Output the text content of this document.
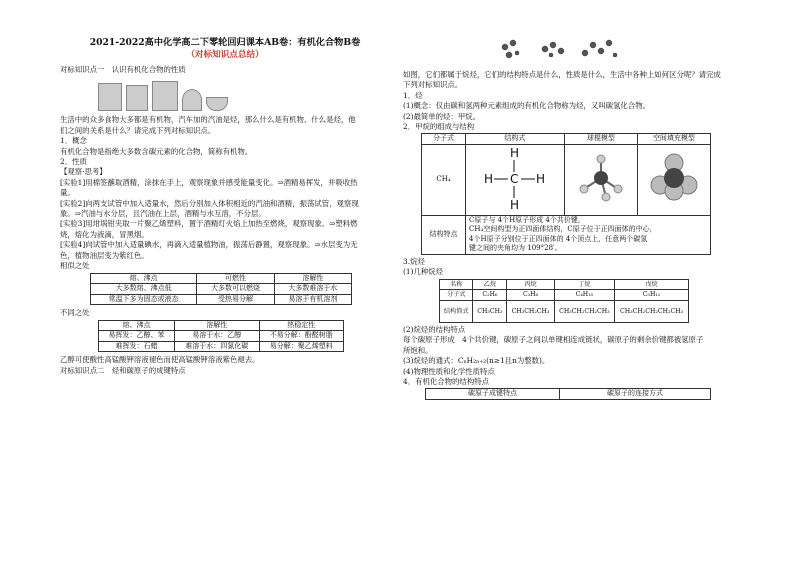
2021-2022高中化学高二下零轮回归课本AB卷：有机化合物B卷
（对标知识点总结）
对标知识点一　认识有机化合物的性质
生活中的众多食物大多都是有机物，汽车加的汽油是烃，那么什么是有机物、什么是烃，他
们之间的关系是什么？请完成下列对标知识点。
1．概念
有机化合物是指绝大多数含碳元素的化合物，简称有机物。
2．性质
【观察·思考】
[实验1]用棉签蘸取酒精，涂抹在手上，观察现象并感受能量变化。⇒酒精易挥发，并吸收热
量。
[实验2]向两支试管中加入适量水，然后分别加入体积相近的汽油和酒精，振荡试管，观察现
象。⇒汽油与水分层，且汽油在上层，酒精与水互溶，不分层。
[实验3]用坩埚钳夹取一片聚乙烯塑料，置于酒精灯火焰上加热至燃烧，观察现象。⇒塑料燃
烧，熔化为液滴，冒黑烟。
[实验4]向试管中加入适量碘水，再滴入适量植物油，振荡后静置，观察现象。⇒水层变为无
色，植物油层变为紫红色。
相似之处
熔、沸点	可燃性	溶解性
大多数熔、沸点低	大多数可以燃烧	大多数难溶于水
常温下多为固态或液态	受热易分解	易溶于有机溶剂
不同之处
熔、沸点	溶解性	热稳定性
易挥发：乙醇、苯	易溶于水：乙醇	不易分解：酚醛树脂
难挥发：石蜡	难溶于水：四氯化碳	易分解：聚乙烯塑料
乙醇可使酸性高锰酸钾溶液褪色而使高锰酸钾溶液紫色褪去。
对标知识点二　烃和碳原子的成键特点
如图，它们都属于烷烃，它们的结构特点是什么，性质是什么，生活中各种上如何区分呢？请完成
下列对标知识点。
1．烃
(1)概念：仅由碳和氢两种元素组成的有机化合物称为烃，又叫碳氢化合物。
(2)最简单的烃：甲烷。
2．甲烷的组成与结构
分子式	结构式	球棍模型	空间填充模型
CH₄	H
H
H H
C

结构特点	C原子与 4个H原子形成 4个共价键，
CH₄空间构型为正四面体结构，C原子位于正四面体的中心，
4个H原子分别位于正四面体的 4个顶点上，任意两个碳氢
键之间的夹角均为 109°28′。		
3.烷烃
(1)几种烷烃
名称	乙烷	丙烷	丁烷	戊烷
分子式	C₂H₆	C₃H₈	C₄H₁₀	C₅H₁₂
结构简式	CH₃CH₃	CH₃CH₂CH₃	CH₃CH₂CH₂CH₃	CH₃CH₂CH₂CH₂CH₃
(2)烷烃的结构特点
每个碳原子形成　4个共价键，碳原子之间以单键相连成链状，碳原子的剩余价键都被氢原子
所饱和。
(3)烷烃的通式：CₙH₂ₙ₊₂(n≥1且n为整数)。
(4)物理性质和化学性质特点
4．有机化合物的结构特点
碳原子成键特点	碳原子的连接方式
